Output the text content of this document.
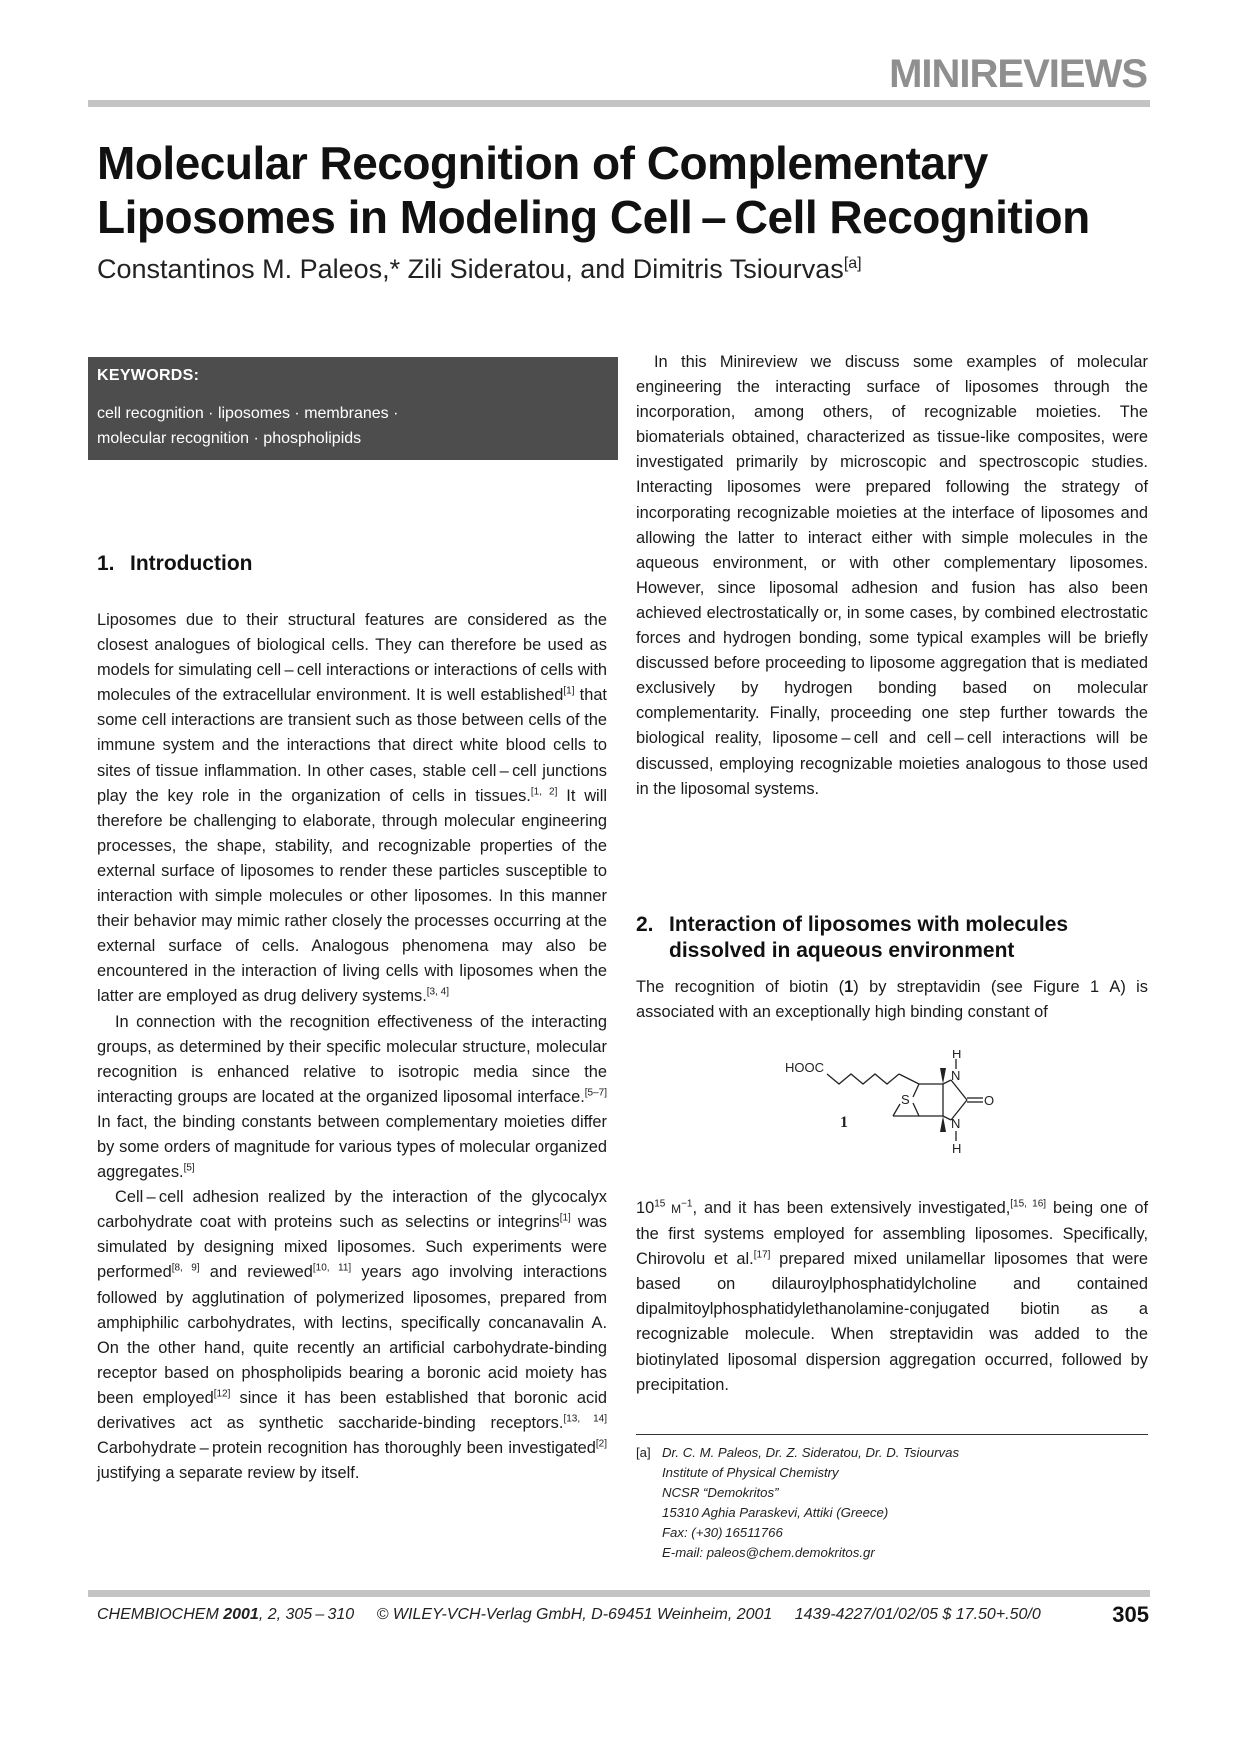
MINIREVIEWS
Molecular Recognition of Complementary
Liposomes in Modeling Cell – Cell Recognition
Constantinos M. Paleos,* Zili Sideratou, and Dimitris Tsiourvas[a]
KEYWORDS:
cell recognition · liposomes · membranes ·
molecular recognition · phospholipids
1. Introduction

Liposomes due to their structural features are considered as the closest analogues of biological cells. They can therefore be used as models for simulating cell – cell interactions or interactions of cells with molecules of the extracellular environment. It is well established[1] that some cell interactions are transient such as those between cells of the immune system and the interactions that direct white blood cells to sites of tissue inflammation. In other cases, stable cell – cell junctions play the key role in the organization of cells in tissues.[1, 2] It will therefore be challenging to elaborate, through molecular engineering processes, the shape, stability, and recognizable properties of the external surface of liposomes to render these particles susceptible to interaction with simple molecules or other liposomes. In this manner their behavior may mimic rather closely the processes occurring at the external surface of cells. Analogous phenomena may also be encountered in the interaction of living cells with liposomes when the latter are employed as drug delivery systems.[3, 4]

In connection with the recognition effectiveness of the interacting groups, as determined by their specific molecular structure, molecular recognition is enhanced relative to isotropic media since the interacting groups are located at the organized liposomal interface.[5–7] In fact, the binding constants between complementary moieties differ by some orders of magnitude for various types of molecular organized aggregates.[5]

Cell – cell adhesion realized by the interaction of the glycocalyx carbohydrate coat with proteins such as selectins or integrins[1] was simulated by designing mixed liposomes. Such experiments were performed[8, 9] and reviewed[10, 11] years ago involving interactions followed by agglutination of polymerized liposomes, prepared from amphiphilic carbohydrates, with lectins, specifically concanavalin A. On the other hand, quite recently an artificial carbohydrate-binding receptor based on phospholipids bearing a boronic acid moiety has been employed[12] since it has been established that boronic acid derivatives act as synthetic saccharide-binding receptors.[13, 14] Carbohydrate – protein recognition has thoroughly been investigated[2] justifying a separate review by itself.

In this Minireview we discuss some examples of molecular engineering the interacting surface of liposomes through the incorporation, among others, of recognizable moieties. The biomaterials obtained, characterized as tissue-like composites, were investigated primarily by microscopic and spectroscopic studies. Interacting liposomes were prepared following the strategy of incorporating recognizable moieties at the interface of liposomes and allowing the latter to interact either with simple molecules in the aqueous environment, or with other complementary liposomes. However, since liposomal adhesion and fusion has also been achieved electrostatically or, in some cases, by combined electrostatic forces and hydrogen bonding, some typical examples will be briefly discussed before proceeding to liposome aggregation that is mediated exclusively by hydrogen bonding based on molecular complementarity. Finally, proceeding one step further towards the biological reality, liposome – cell and cell – cell interactions will be discussed, employing recognizable moieties analogous to those used in the liposomal systems.

2. Interaction of liposomes with molecules
dissolved in aqueous environment

The recognition of biotin (1) by streptavidin (see Figure 1 A) is associated with an exceptionally high binding constant of

HOOC
H
N
S	O
N
H
1

$10^{15}$ $M^{-1}$, and it has been extensively investigated,[15, 16] being one of the first systems employed for assembling liposomes. Specifically, Chirovolu et al.[17] prepared mixed unilamellar liposomes that were based on dilauroylphosphatidylcholine and contained dipalmitoylphosphatidylethanolamine-conjugated biotin as a recognizable molecule. When streptavidin was added to the biotinylated liposomal dispersion aggregation occurred, followed by precipitation.

[a] Dr. C. M. Paleos, Dr. Z. Sideratou, Dr. D. Tsiourvas
Institute of Physical Chemistry
NCSR “Demokritos”
15310 Aghia Paraskevi, Attiki (Greece)
Fax: (+30) 16511766
E-mail: paleos@chem.demokritos.gr
CHEMBIOCHEM 2001, 2, 305 – 310 © WILEY-VCH-Verlag GmbH, D-69451 Weinheim, 2001 1439-4227/01/02/05 $ 17.50+.50/0	305
